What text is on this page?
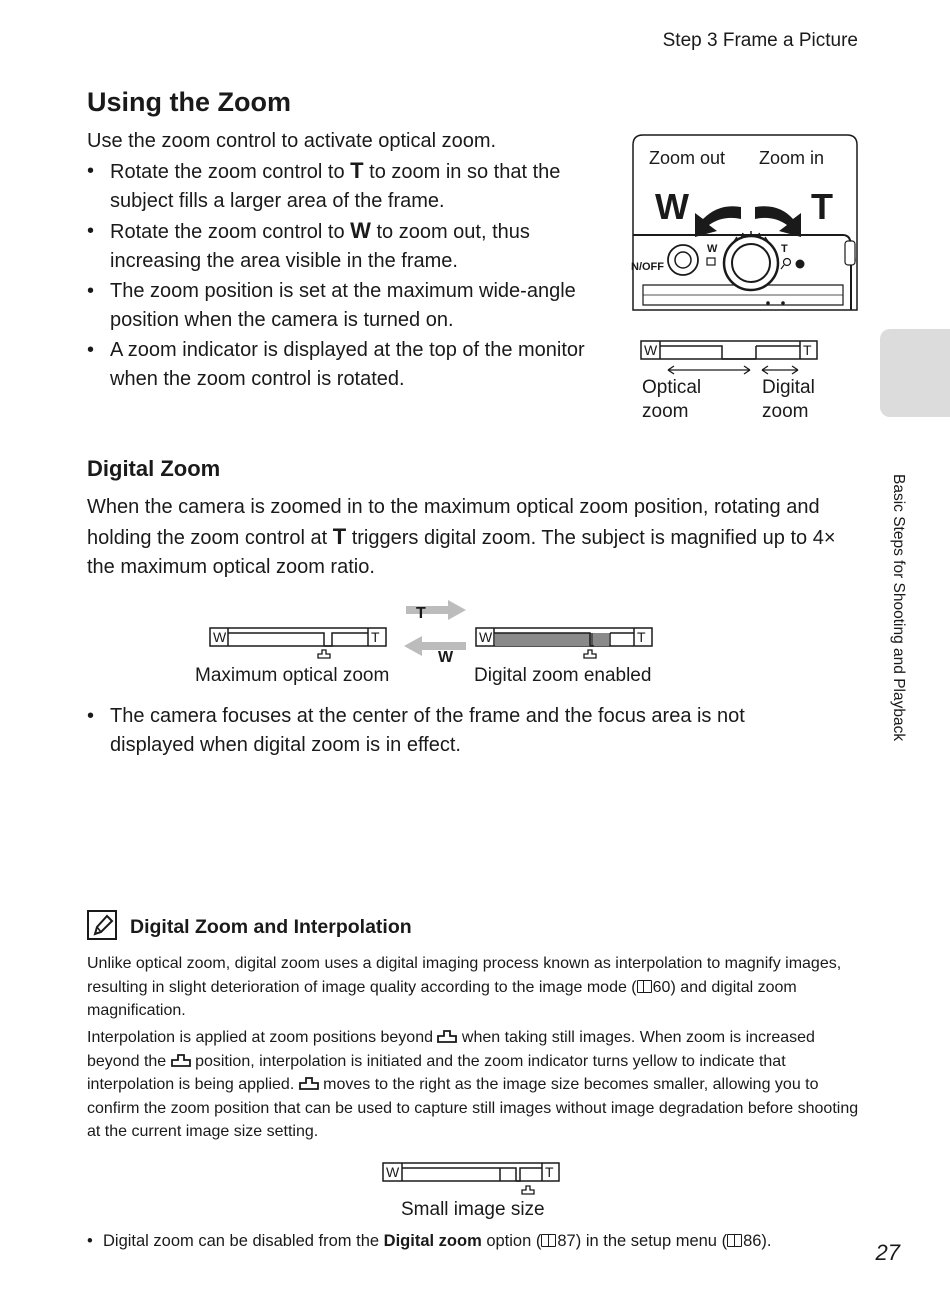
Step 3 Frame a Picture
Using the Zoom
Use the zoom control to activate optical zoom.
• Rotate the zoom control to T to zoom in so that the subject fills a larger area of the frame.
• Rotate the zoom control to W to zoom out, thus increasing the area visible in the frame.
• The zoom position is set at the maximum wide-angle position when the camera is turned on.
• A zoom indicator is displayed at the top of the monitor when the zoom control is rotated.
Zoom out Zoom in
W	T
N/OFF
W	T
W	T
Optical
zoom
Digital
zoom
Basic Steps for Shooting and Playback
Digital Zoom
When the camera is zoomed in to the maximum optical zoom position, rotating and holding the zoom control at T triggers digital zoom. The subject is magnified up to 4× the maximum optical zoom ratio.
W	T
T
W
W	T
Maximum optical zoom	Digital zoom enabled
• The camera focuses at the center of the frame and the focus area is not displayed when digital zoom is in effect.
Digital Zoom and Interpolation
Unlike optical zoom, digital zoom uses a digital imaging process known as interpolation to magnify images, resulting in slight deterioration of image quality according to the image mode ( 60) and digital zoom magnification.
Interpolation is applied at zoom positions beyond  when taking still images. When zoom is increased beyond the  position, interpolation is initiated and the zoom indicator turns yellow to indicate that interpolation is being applied.  moves to the right as the image size becomes smaller, allowing you to confirm the zoom position that can be used to capture still images without image degradation before shooting at the current image size setting.
W	T
Small image size
• Digital zoom can be disabled from the Digital zoom option ( 87) in the setup menu ( 86).	27
